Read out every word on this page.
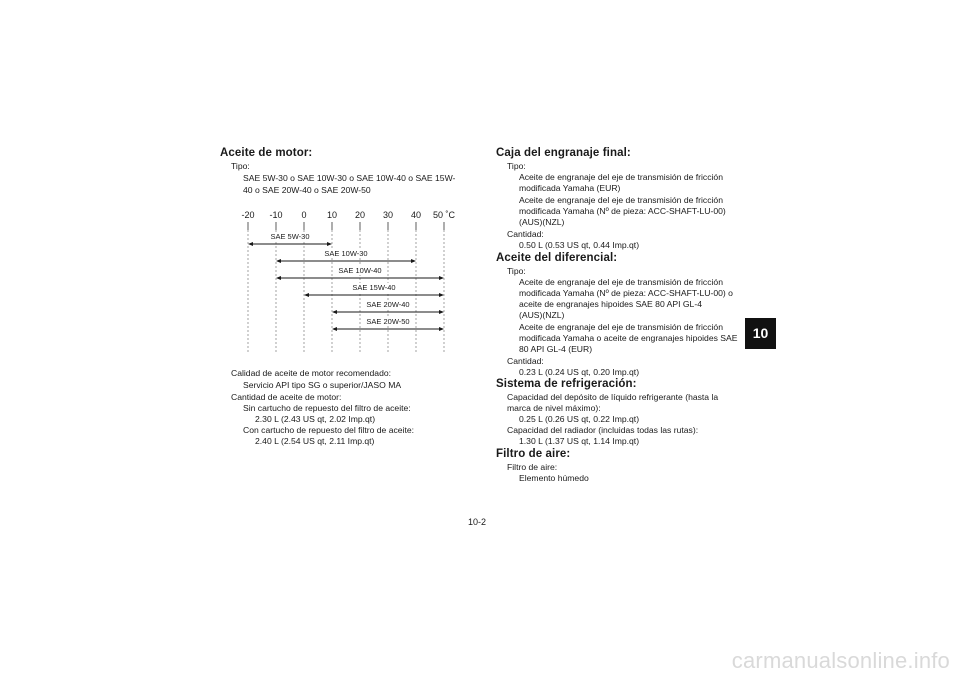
Aceite de motor:
Tipo:
SAE 5W-30 o SAE 10W-30 o SAE 10W-40 o SAE 15W-
40 o SAE 20W-40 o SAE 20W-50
Calidad de aceite de motor recomendado:
Servicio API tipo SG o superior/JASO MA
Cantidad de aceite de motor:
Sin cartucho de repuesto del filtro de aceite:
2.30 L (2.43 US qt, 2.02 Imp.qt)
Con cartucho de repuesto del filtro de aceite:
2.40 L (2.54 US qt, 2.11 Imp.qt)
-20 -10 0 10 20 30 40 50 ˚C
SAE 5W-30
SAE 10W-30
SAE 10W-40
SAE 15W-40
SAE 20W-40
SAE 20W-50
Caja del engranaje final:
Tipo:
Aceite de engranaje del eje de transmisión de fricción
modificada Yamaha (EUR)
Aceite de engranaje del eje de transmisión de fricción
modificada Yamaha (Nº de pieza: ACC-SHAFT-LU-00)
(AUS)(NZL)
Cantidad:
0.50 L (0.53 US qt, 0.44 Imp.qt)
Aceite del diferencial:
Tipo:
Aceite de engranaje del eje de transmisión de fricción
modificada Yamaha (Nº de pieza: ACC-SHAFT-LU-00) o
aceite de engranajes hipoides SAE 80 API GL-4
(AUS)(NZL)
Aceite de engranaje del eje de transmisión de fricción
modificada Yamaha o aceite de engranajes hipoides SAE
80 API GL-4 (EUR)
Cantidad:
0.23 L (0.24 US qt, 0.20 Imp.qt)
Sistema de refrigeración:
Capacidad del depósito de líquido refrigerante (hasta la
marca de nivel máximo):
0.25 L (0.26 US qt, 0.22 Imp.qt)
Capacidad del radiador (incluidas todas las rutas):
1.30 L (1.37 US qt, 1.14 Imp.qt)
Filtro de aire:
Filtro de aire:
Elemento húmedo
10
10-2
carmanualsonline.info
